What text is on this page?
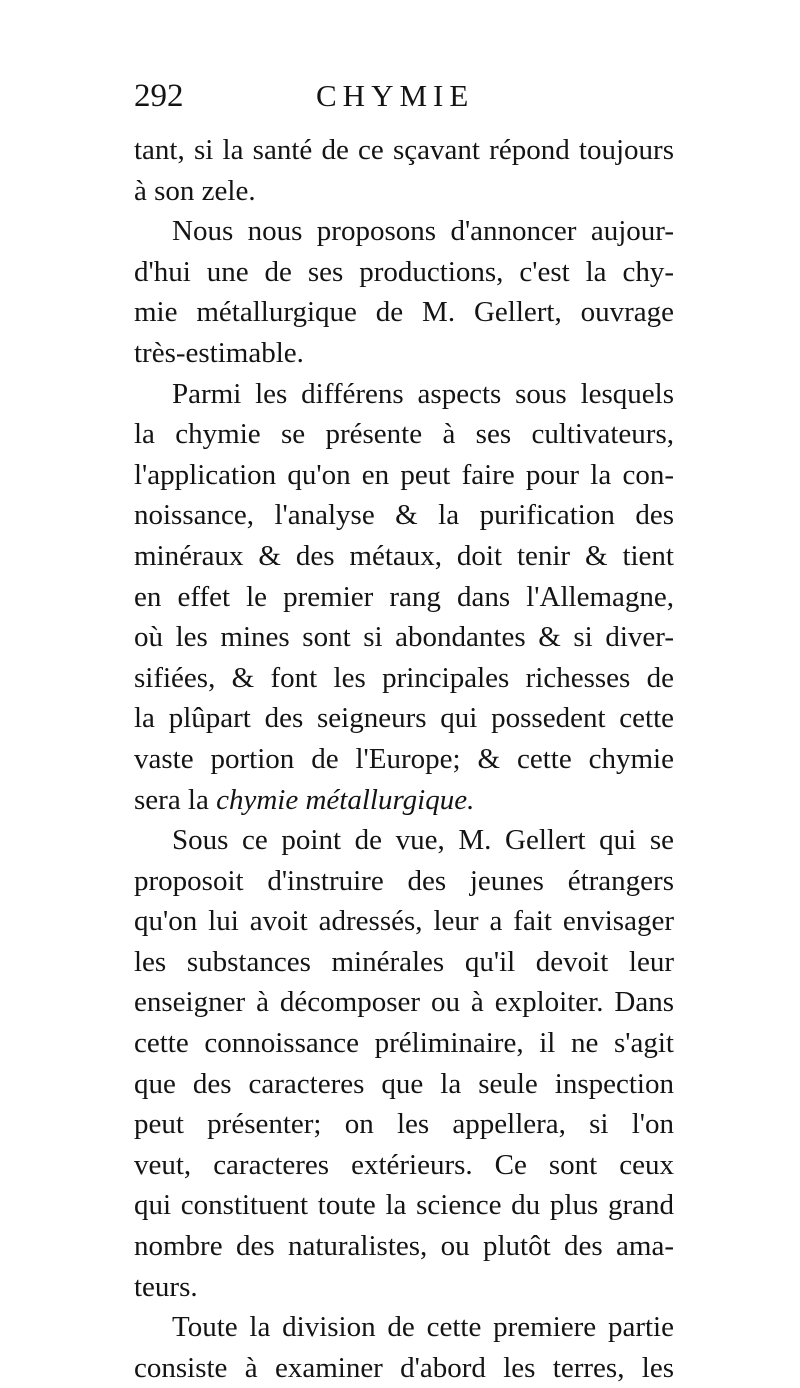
292	CHYMIE
tant, si la santé de ce sçavant répond toujours
à son zele.
Nous nous proposons d'annoncer aujour-
d'hui une de ses productions, c'est la chy-
mie métallurgique de M. Gellert, ouvrage
très-estimable.
Parmi les différens aspects sous lesquels
la chymie se présente à ses cultivateurs,
l'application qu'on en peut faire pour la con-
noissance, l'analyse & la purification des
minéraux & des métaux, doit tenir & tient
en effet le premier rang dans l'Allemagne,
où les mines sont si abondantes & si diver-
sifiées, & font les principales richesses de
la plûpart des seigneurs qui possedent cette
vaste portion de l'Europe; & cette chymie
sera la chymie métallurgique.
Sous ce point de vue, M. Gellert qui se
proposoit d'instruire des jeunes étrangers
qu'on lui avoit adressés, leur a fait envisager
les substances minérales qu'il devoit leur
enseigner à décomposer ou à exploiter. Dans
cette connoissance préliminaire, il ne s'agit
que des caracteres que la seule inspection
peut présenter; on les appellera, si l'on
veut, caracteres extérieurs. Ce sont ceux
qui constituent toute la science du plus grand
nombre des naturalistes, ou plutôt des ama-
teurs.
Toute la division de cette premiere partie
consiste à examiner d'abord les terres, les
